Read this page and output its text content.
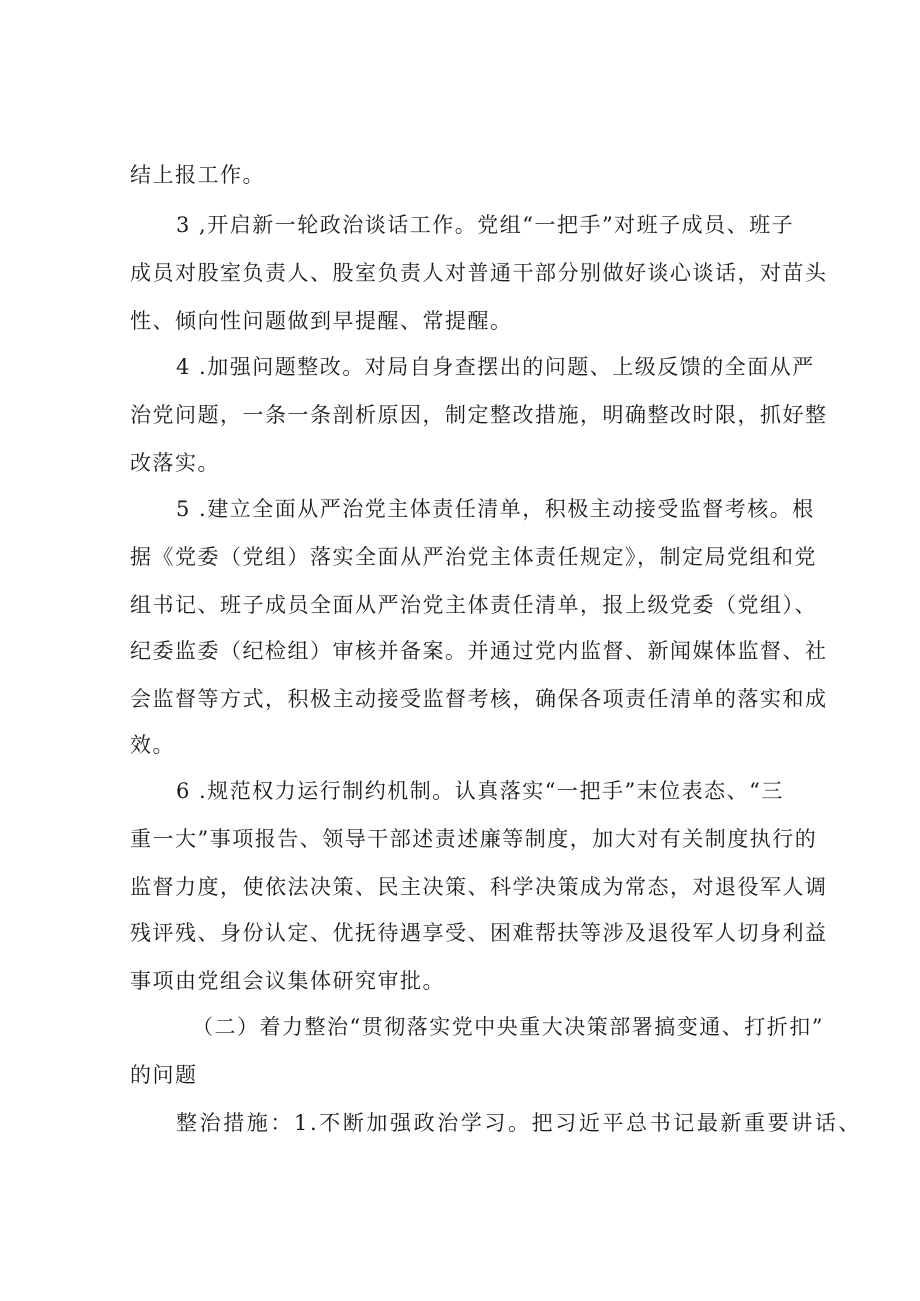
结上报工作。

3 ,开启新一轮政治谈话工作。党组“一把手”对班子成员、班子

成员对股室负责人、股室负责人对普通干部分别做好谈心谈话，对苗头

性、倾向性问题做到早提醒、常提醒。

4 .加强问题整改。对局自身查摆出的问题、上级反馈的全面从严

治党问题，一条一条剖析原因，制定整改措施，明确整改时限，抓好整

改落实。

5 .建立全面从严治党主体责任清单，积极主动接受监督考核。根

据《党委（党组）落实全面从严治党主体责任规定》，制定局党组和党

组书记、班子成员全面从严治党主体责任清单，报上级党委（党组）、

纪委监委（纪检组）审核并备案。并通过党内监督、新闻媒体监督、社

会监督等方式，积极主动接受监督考核，确保各项责任清单的落实和成

效。

6 .规范权力运行制约机制。认真落实“一把手”末位表态、“三

重一大”事项报告、领导干部述责述廉等制度，加大对有关制度执行的

监督力度，使依法决策、民主决策、科学决策成为常态，对退役军人调

残评残、身份认定、优抚待遇享受、困难帮扶等涉及退役军人切身利益

事项由党组会议集体研究审批。

（二）着力整治“贯彻落实党中央重大决策部署搞变通、打折扣”

的问题

整治措施：1.不断加强政治学习。把习近平总书记最新重要讲话、
